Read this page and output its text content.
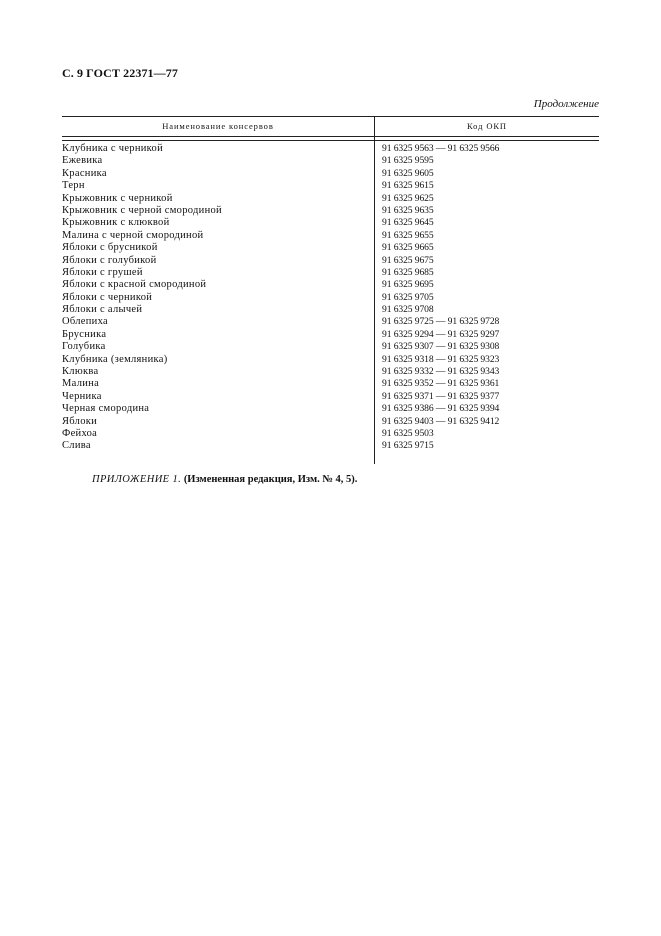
С. 9 ГОСТ 22371—77
Продолжение
Наименование консервов	Код ОКП
Клубника с черникой	91 6325 9563 — 91 6325 9566
Ежевика	91 6325 9595
Красника	91 6325 9605
Терн	91 6325 9615
Крыжовник с черникой	91 6325 9625
Крыжовник с черной смородиной	91 6325 9635
Крыжовник с клюквой	91 6325 9645
Малина с черной смородиной	91 6325 9655
Яблоки с брусникой	91 6325 9665
Яблоки с голубикой	91 6325 9675
Яблоки с грушей	91 6325 9685
Яблоки с красной смородиной	91 6325 9695
Яблоки с черникой	91 6325 9705
Яблоки с алычей	91 6325 9708
Облепиха	91 6325 9725 — 91 6325 9728
Брусника	91 6325 9294 — 91 6325 9297
Голубика	91 6325 9307 — 91 6325 9308
Клубника (земляника)	91 6325 9318 — 91 6325 9323
Клюква	91 6325 9332 — 91 6325 9343
Малина	91 6325 9352 — 91 6325 9361
Черника	91 6325 9371 — 91 6325 9377
Черная смородина	91 6325 9386 — 91 6325 9394
Яблоки	91 6325 9403 — 91 6325 9412
Фейхоа	91 6325 9503
Слива	91 6325 9715
ПРИЛОЖЕНИЕ 1. (Измененная редакция, Изм. № 4, 5).
